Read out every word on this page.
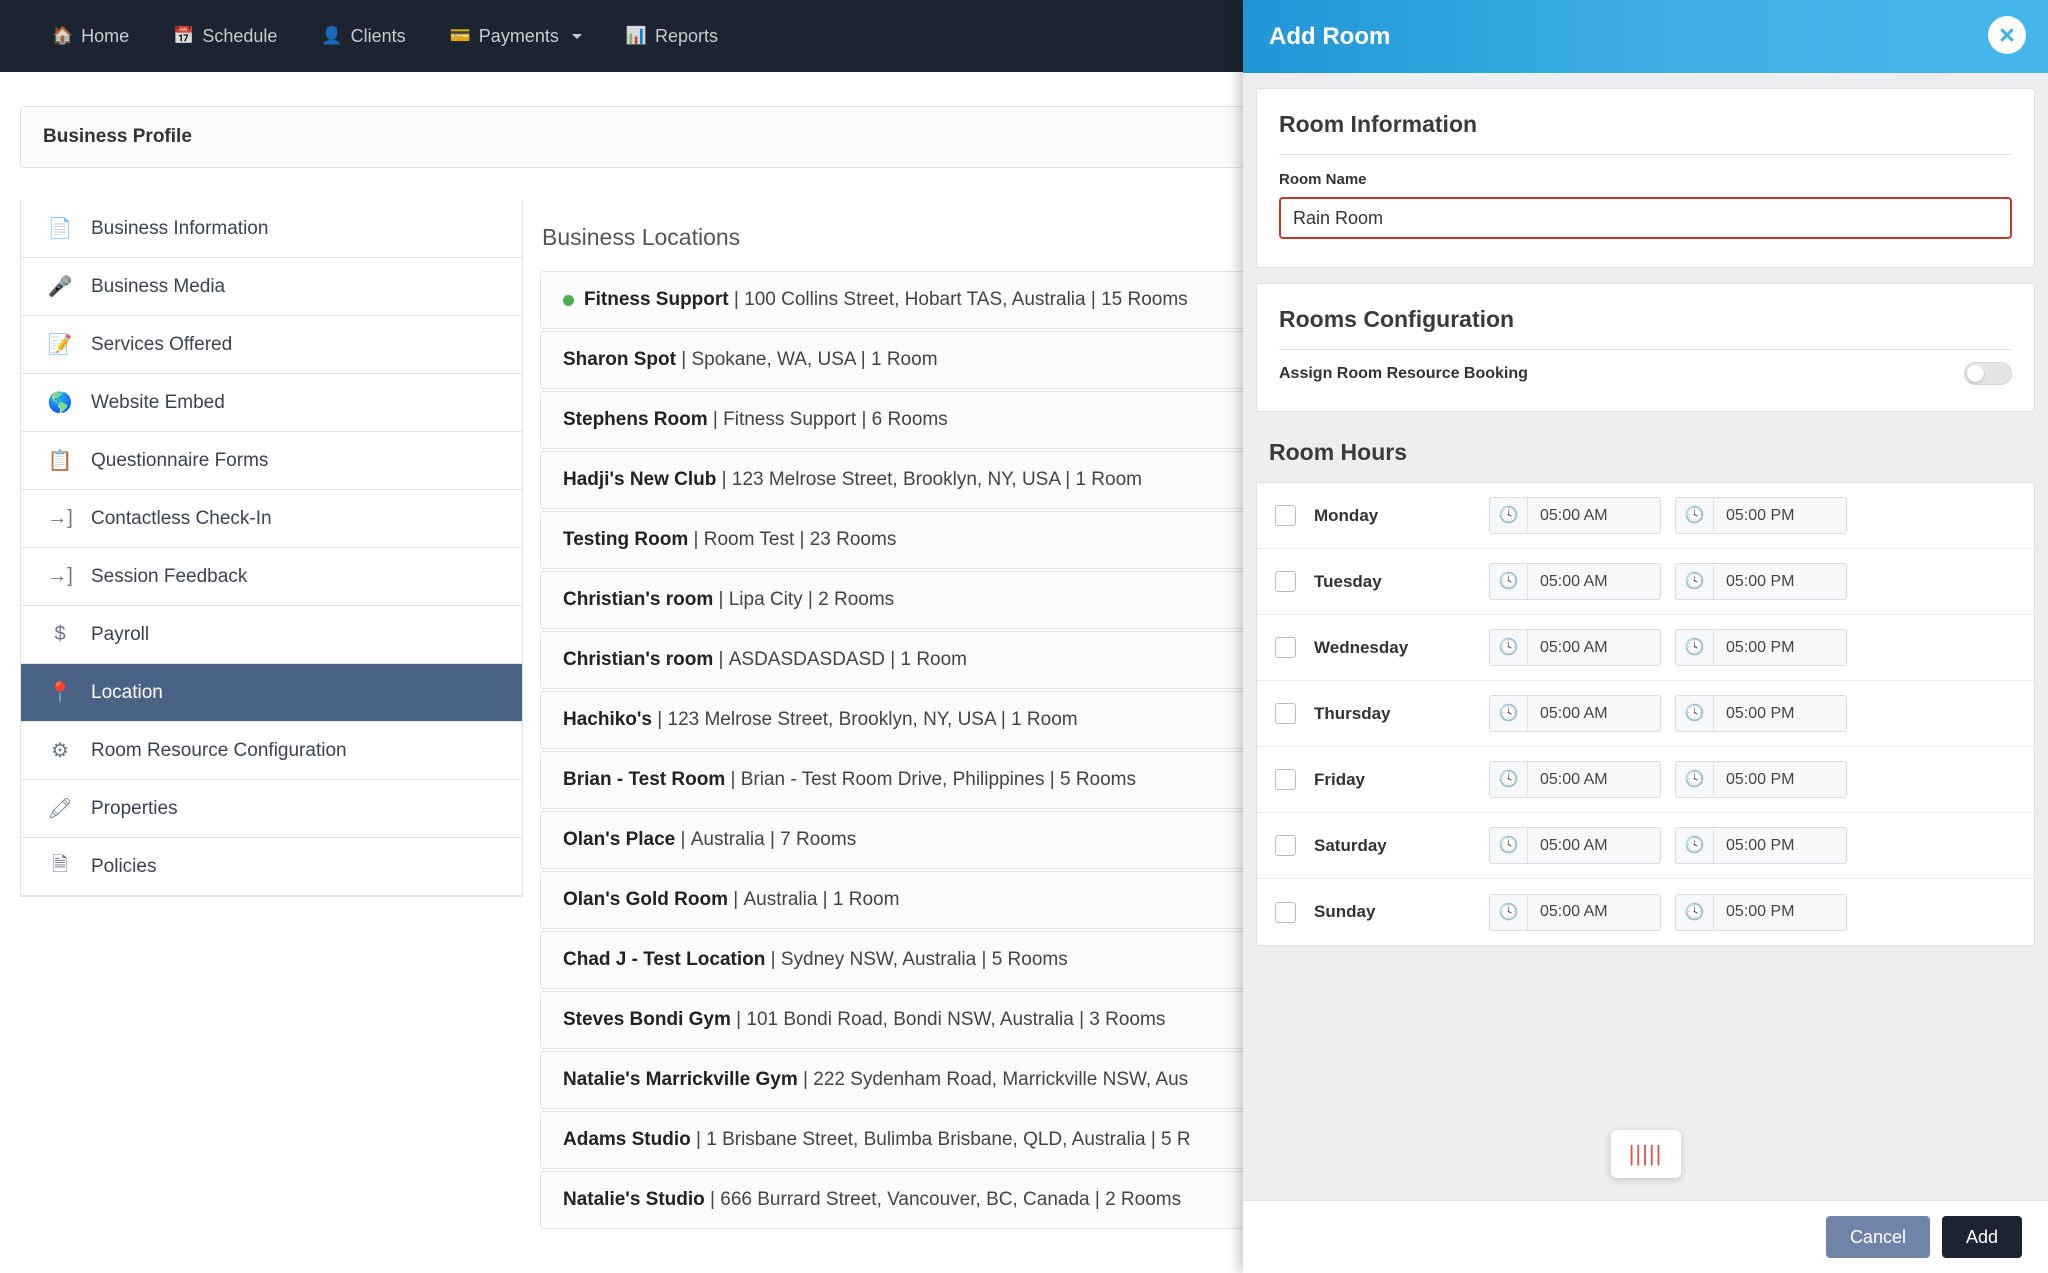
🏠 Home	📅 Schedule	👤 Clients	💳 Payments	📊 Reports
Business Profile
📄 Business Information
🎤 Business Media
📝 Services Offered
🌎 Website Embed
📋 Questionnaire Forms
→] Contactless Check-In
→] Session Feedback
$	Payroll
📍 Location
⚙ Room Resource Configuration
🖍 Properties
🗎 Policies
Business Locations
Fitness Support | 100 Collins Street, Hobart TAS, Australia | 15 Rooms
Sharon Spot | Spokane, WA, USA | 1 Room
Stephens Room | Fitness Support | 6 Rooms
Hadji's New Club | 123 Melrose Street, Brooklyn, NY, USA | 1 Room
Testing Room | Room Test | 23 Rooms
Christian's room | Lipa City | 2 Rooms
Christian's room | ASDASDASDASD | 1 Room
Hachiko's | 123 Melrose Street, Brooklyn, NY, USA | 1 Room
Brian - Test Room | Brian - Test Room Drive, Philippines | 5 Rooms
Olan's Place | Australia | 7 Rooms
Olan's Gold Room | Australia | 1 Room
Chad J - Test Location | Sydney NSW, Australia | 5 Rooms
Steves Bondi Gym | 101 Bondi Road, Bondi NSW, Australia | 3 Rooms
Natalie's Marrickville Gym | 222 Sydenham Road, Marrickville NSW, Aus
Adams Studio | 1 Brisbane Street, Bulimba Brisbane, QLD, Australia | 5 R
Natalie's Studio | 666 Burrard Street, Vancouver, BC, Canada | 2 Rooms
Add Room	×
Room Information
Room Name
Rain Room
Rooms Configuration
Assign Room Resource Booking
Room Hours
Monday	🕓	05:00 AM	🕓	05:00 PM
Tuesday	🕓	05:00 AM	🕓	05:00 PM
Wednesday	🕓	05:00 AM	🕓	05:00 PM
Thursday	🕓	05:00 AM	🕓	05:00 PM
Friday	🕓	05:00 AM	🕓	05:00 PM
Saturday	🕓	05:00 AM	🕓	05:00 PM
Sunday	🕓	05:00 AM	🕓	05:00 PM
|||||
Cancel	Add
